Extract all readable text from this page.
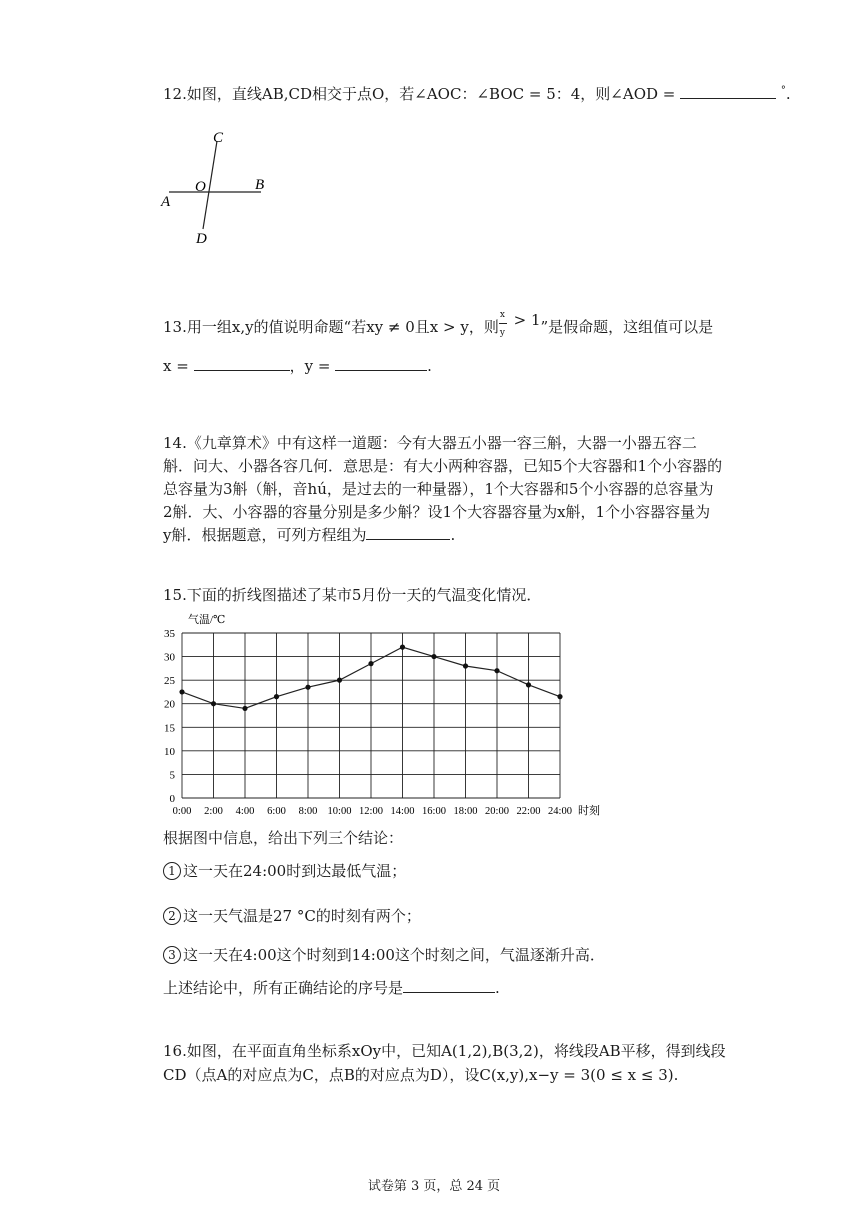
12.如图，直线AB,CD相交于点O，若∠AOC：∠BOC = 5：4，则∠AOD =	°.
C
O	B
A
D
13.用一组x,y的值说明命题“若xy ≠ 0且x > y，则 $\frac{x}{y} > 1$”是假命题，这组值可以是
x =	，y =	.
14.《九章算术》中有这样一道题：今有大器五小器一容三斛，大器一小器五容二
斛．问大、小器各容几何．意思是：有大小两种容器，已知5个大容器和1个小容器的
总容量为3斛（斛，音hú，是过去的一种量器），1个大容器和5个小容器的总容量为
2斛．大、小容器的容量分别是多少斛？设1个大容器容量为x斛，1个小容器容量为
y斛．根据题意，可列方程组为	.
15.下面的折线图描述了某市5月份一天的气温变化情况．
0
5
10
15
20
25
30
35
0:00 2:00 4:00 6:00 8:00 10:00 12:00 14:00 16:00 18:00 20:00 22:00 24:00
气温/℃
时刻
根据图中信息，给出下列三个结论：
1 这一天在24:00时到达最低气温；
2 这一天气温是27 °C的时刻有两个；
3 这一天在4:00这个时刻到14:00这个时刻之间，气温逐渐升高．
上述结论中，所有正确结论的序号是	.
16.如图，在平面直角坐标系xOy中，已知A(1,2),B(3,2)，将线段AB平移，得到线段
CD（点A的对应点为C，点B的对应点为D），设C(x,y),x−y = 3(0 ≤ x ≤ 3).
试卷第 3 页，总 24 页
